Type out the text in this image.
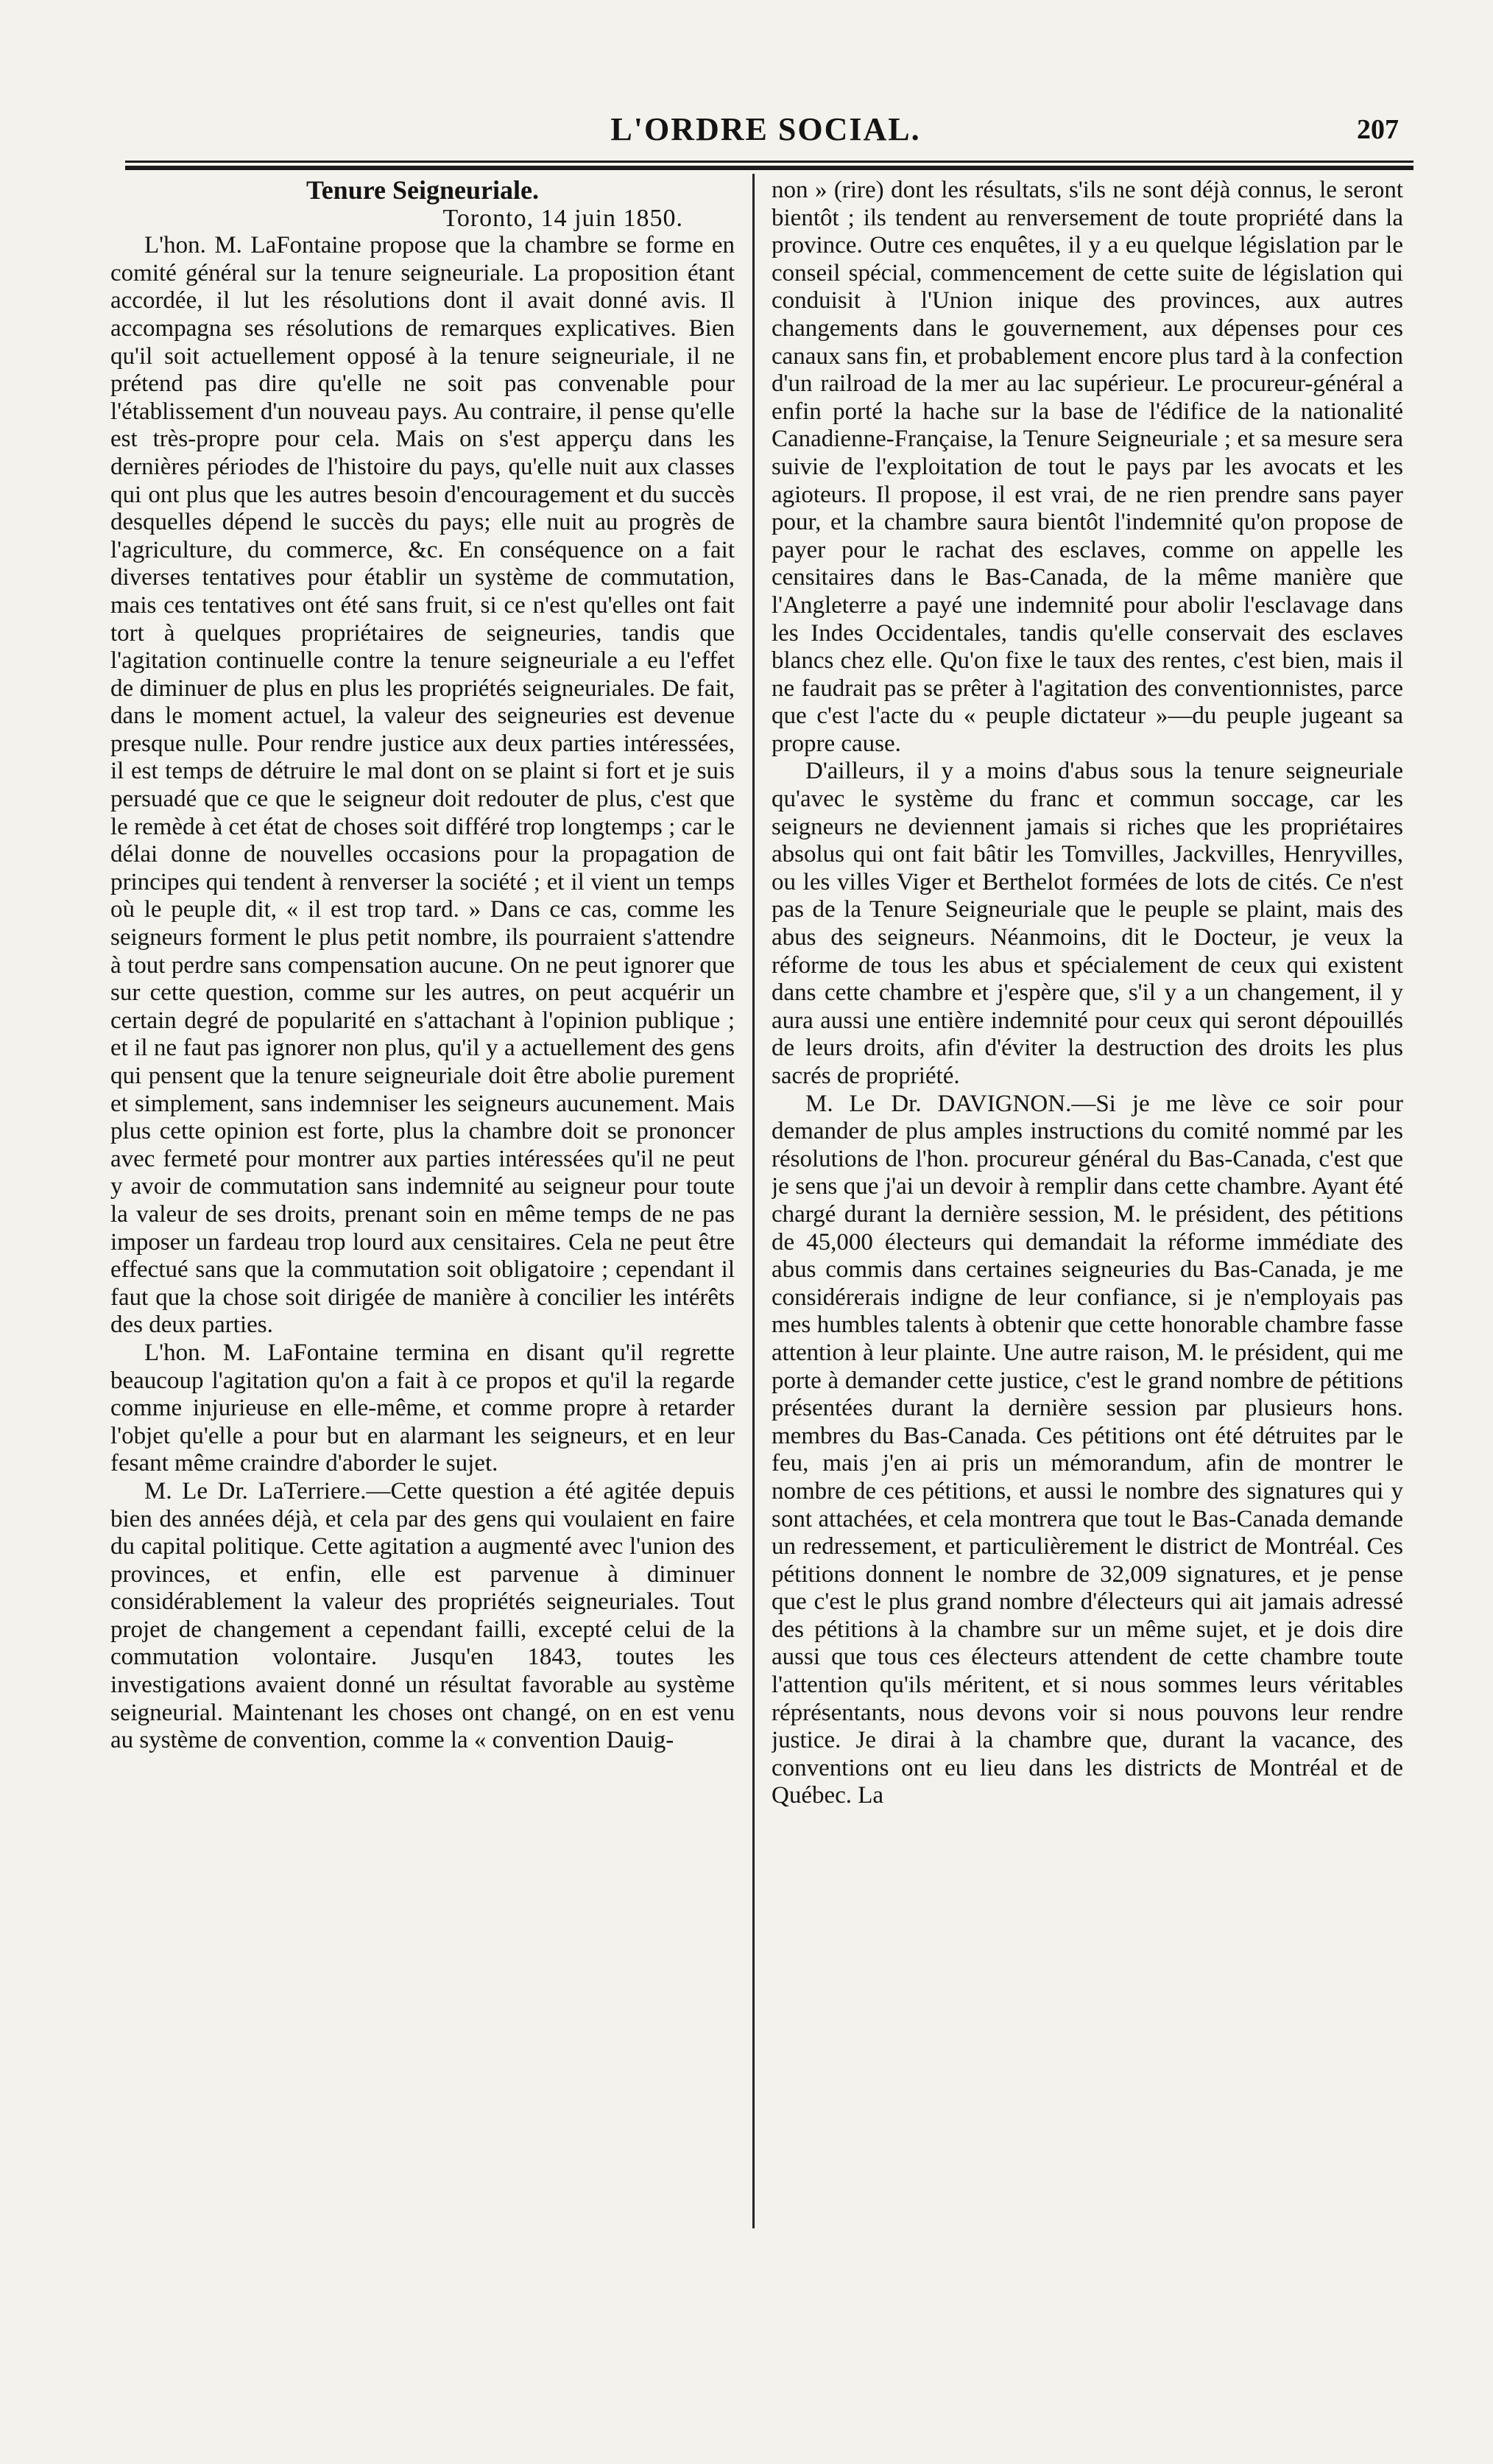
L'ORDRE SOCIAL.	207

Tenure Seigneuriale.

Toronto, 14 juin 1850.

L'hon. M. LaFontaine propose que la chambre se forme en comité général sur la tenure seigneuriale. La proposition étant accordée, il lut les résolutions dont il avait donné avis. Il accompagna ses résolutions de remarques explicatives. Bien qu'il soit actuellement opposé à la tenure seigneuriale, il ne prétend pas dire qu'elle ne soit pas convenable pour l'établissement d'un nouveau pays. Au contraire, il pense qu'elle est très-propre pour cela. Mais on s'est apperçu dans les dernières périodes de l'histoire du pays, qu'elle nuit aux classes qui ont plus que les autres besoin d'encouragement et du succès desquelles dépend le succès du pays; elle nuit au progrès de l'agriculture, du commerce, &c. En conséquence on a fait diverses tentatives pour établir un système de commutation, mais ces tentatives ont été sans fruit, si ce n'est qu'elles ont fait tort à quelques propriétaires de seigneuries, tandis que l'agitation continuelle contre la tenure seigneuriale a eu l'effet de diminuer de plus en plus les propriétés seigneuriales. De fait, dans le moment actuel, la valeur des seigneuries est devenue presque nulle. Pour rendre justice aux deux parties intéressées, il est temps de détruire le mal dont on se plaint si fort et je suis persuadé que ce que le seigneur doit redouter de plus, c'est que le remède à cet état de choses soit différé trop longtemps ; car le délai donne de nouvelles occasions pour la propagation de principes qui tendent à renverser la société ; et il vient un temps où le peuple dit, « il est trop tard. » Dans ce cas, comme les seigneurs forment le plus petit nombre, ils pourraient s'attendre à tout perdre sans compensation aucune. On ne peut ignorer que sur cette question, comme sur les autres, on peut acquérir un certain degré de popularité en s'attachant à l'opinion publique ; et il ne faut pas ignorer non plus, qu'il y a actuellement des gens qui pensent que la tenure seigneuriale doit être abolie purement et simplement, sans indemniser les seigneurs aucunement. Mais plus cette opinion est forte, plus la chambre doit se prononcer avec fermeté pour montrer aux parties intéressées qu'il ne peut y avoir de commutation sans indemnité au seigneur pour toute la valeur de ses droits, prenant soin en même temps de ne pas imposer un fardeau trop lourd aux censitaires. Cela ne peut être effectué sans que la commutation soit obligatoire ; cependant il faut que la chose soit dirigée de manière à concilier les intérêts des deux parties.

L'hon. M. LaFontaine termina en disant qu'il regrette beaucoup l'agitation qu'on a fait à ce propos et qu'il la regarde comme injurieuse en elle-même, et comme propre à retarder l'objet qu'elle a pour but en alarmant les seigneurs, et en leur fesant même craindre d'aborder le sujet.

M. Le Dr. LaTerriere.—Cette question a été agitée depuis bien des années déjà, et cela par des gens qui voulaient en faire du capital politique. Cette agitation a augmenté avec l'union des provinces, et enfin, elle est parvenue à diminuer considérablement la valeur des propriétés seigneuriales. Tout projet de changement a cependant failli, excepté celui de la commutation volontaire. Jusqu'en 1843, toutes les investigations avaient donné un résultat favorable au système seigneurial. Maintenant les choses ont changé, on en est venu au système de convention, comme la « convention Dauig-

non » (rire) dont les résultats, s'ils ne sont déjà connus, le seront bientôt ; ils tendent au renversement de toute propriété dans la province. Outre ces enquêtes, il y a eu quelque législation par le conseil spécial, commencement de cette suite de législation qui conduisit à l'Union inique des provinces, aux autres changements dans le gouvernement, aux dépenses pour ces canaux sans fin, et probablement encore plus tard à la confection d'un railroad de la mer au lac supérieur. Le procureur-général a enfin porté la hache sur la base de l'édifice de la nationalité Canadienne-Française, la Tenure Seigneuriale ; et sa mesure sera suivie de l'exploitation de tout le pays par les avocats et les agioteurs. Il propose, il est vrai, de ne rien prendre sans payer pour, et la chambre saura bientôt l'indemnité qu'on propose de payer pour le rachat des esclaves, comme on appelle les censitaires dans le Bas-Canada, de la même manière que l'Angleterre a payé une indemnité pour abolir l'esclavage dans les Indes Occidentales, tandis qu'elle conservait des esclaves blancs chez elle. Qu'on fixe le taux des rentes, c'est bien, mais il ne faudrait pas se prêter à l'agitation des conventionnistes, parce que c'est l'acte du « peuple dictateur »—du peuple jugeant sa propre cause.

D'ailleurs, il y a moins d'abus sous la tenure seigneuriale qu'avec le système du franc et commun soccage, car les seigneurs ne deviennent jamais si riches que les propriétaires absolus qui ont fait bâtir les Tomvilles, Jackvilles, Henryvilles, ou les villes Viger et Berthelot formées de lots de cités. Ce n'est pas de la Tenure Seigneuriale que le peuple se plaint, mais des abus des seigneurs. Néanmoins, dit le Docteur, je veux la réforme de tous les abus et spécialement de ceux qui existent dans cette chambre et j'espère que, s'il y a un changement, il y aura aussi une entière indemnité pour ceux qui seront dépouillés de leurs droits, afin d'éviter la destruction des droits les plus sacrés de propriété.

M. Le Dr. DAVIGNON.—Si je me lève ce soir pour demander de plus amples instructions du comité nommé par les résolutions de l'hon. procureur général du Bas-Canada, c'est que je sens que j'ai un devoir à remplir dans cette chambre. Ayant été chargé durant la dernière session, M. le président, des pétitions de 45,000 électeurs qui demandait la réforme immédiate des abus commis dans certaines seigneuries du Bas-Canada, je me considérerais indigne de leur confiance, si je n'employais pas mes humbles talents à obtenir que cette honorable chambre fasse attention à leur plainte. Une autre raison, M. le président, qui me porte à demander cette justice, c'est le grand nombre de pétitions présentées durant la dernière session par plusieurs hons. membres du Bas-Canada. Ces pétitions ont été détruites par le feu, mais j'en ai pris un mémorandum, afin de montrer le nombre de ces pétitions, et aussi le nombre des signatures qui y sont attachées, et cela montrera que tout le Bas-Canada demande un redressement, et particulièrement le district de Montréal. Ces pétitions donnent le nombre de 32,009 signatures, et je pense que c'est le plus grand nombre d'électeurs qui ait jamais adressé des pétitions à la chambre sur un même sujet, et je dois dire aussi que tous ces électeurs attendent de cette chambre toute l'attention qu'ils méritent, et si nous sommes leurs véritables réprésentants, nous devons voir si nous pouvons leur rendre justice. Je dirai à la chambre que, durant la vacance, des conventions ont eu lieu dans les districts de Montréal et de Québec. La
